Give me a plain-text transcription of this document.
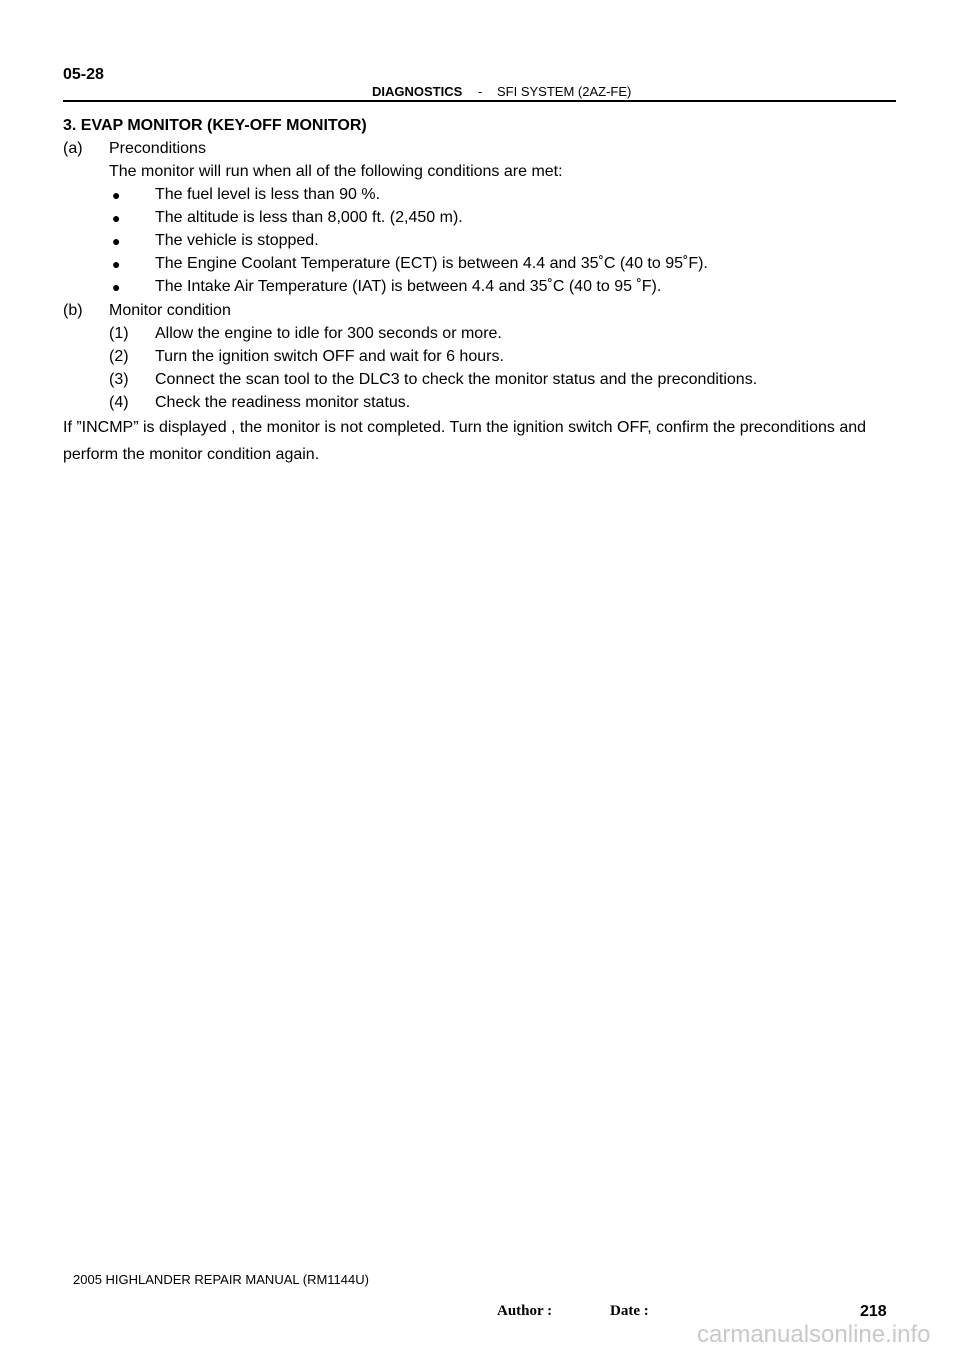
05-28
DIAGNOSTICS - SFI SYSTEM (2AZ-FE)
3. EVAP MONITOR (KEY-OFF MONITOR)
(a) Preconditions
The monitor will run when all of the following conditions are met:
● The fuel level is less than 90 %.
● The altitude is less than 8,000 ft. (2,450 m).
● The vehicle is stopped.
● The Engine Coolant Temperature (ECT) is between 4.4 and 35˚C (40 to 95˚F).
● The Intake Air Temperature (IAT) is between 4.4 and 35˚C (40 to 95 ˚F).
(b) Monitor condition
(1) Allow the engine to idle for 300 seconds or more.
(2) Turn the ignition switch OFF and wait for 6 hours.
(3) Connect the scan tool to the DLC3 to check the monitor status and the preconditions.
(4) Check the readiness monitor status.
If ”INCMP” is displayed , the monitor is not completed. Turn the ignition switch OFF, confirm the preconditions and perform the monitor condition again.
2005 HIGHLANDER REPAIR MANUAL (RM1144U)
Author :	Date :	218
carmanualsonline.info
